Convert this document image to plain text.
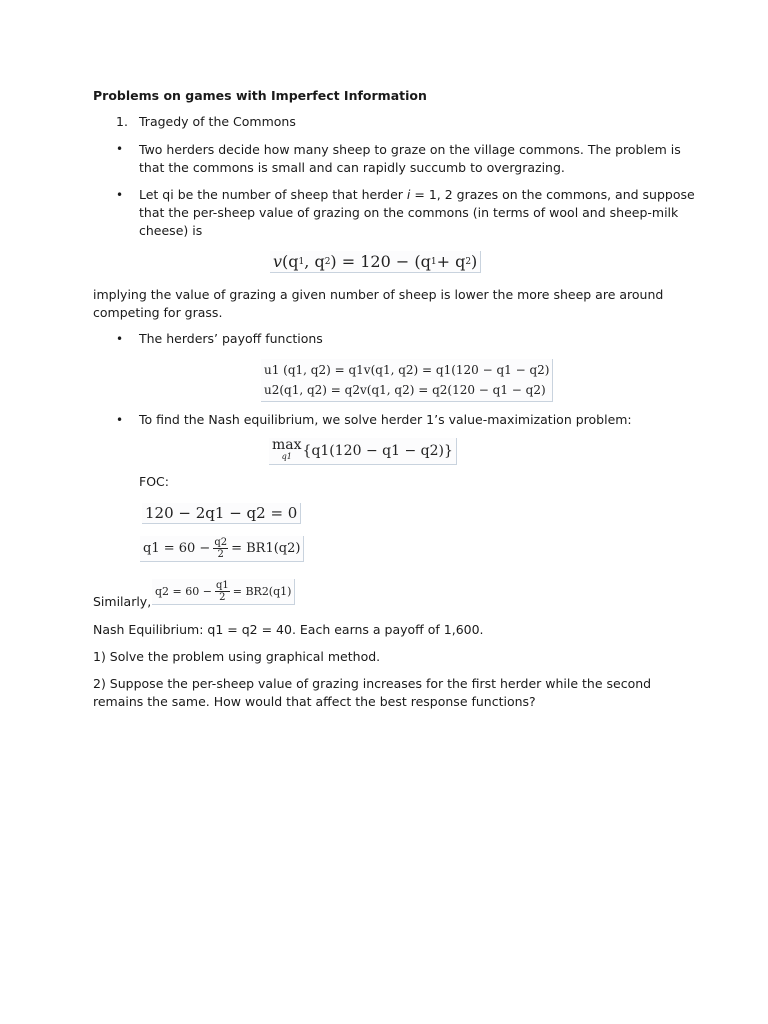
Problems on games with Imperfect Information
1. Tragedy of the Commons
• Two herders decide how many sheep to graze on the village commons. The problem is
that the commons is small and can rapidly succumb to overgrazing.
• Let qi be the number of sheep that herder i = 1, 2 grazes on the commons, and suppose
that the per-sheep value of grazing on the commons (in terms of wool and sheep-milk
cheese) is
v (q 1 , q 2 ) = 120 − (q 1 + q 2 )
implying the value of grazing a given number of sheep is lower the more sheep are around
competing for grass.
• The herders’ payoff functions
u1 (q1, q2) = q1v(q1, q2) = q1(120 − q1 − q2)
u2(q1, q2) = q2v(q1, q2) = q2(120 − q1 − q2)
• To find the Nash equilibrium, we solve herder 1’s value-maximization problem:
max
q1 {q1(120 − q1 − q2)}
FOC:
120 − 2q1 − q2 = 0
$q1 = 60 - \frac{q2}{2} = BR1(q2)$
Similarly,
$q2 = 60 - \frac{q1}{2} = BR2(q1)$
Nash Equilibrium: q1 = q2 = 40. Each earns a payoff of 1,600.
1) Solve the problem using graphical method.
2) Suppose the per-sheep value of grazing increases for the first herder while the second
remains the same. How would that affect the best response functions?
